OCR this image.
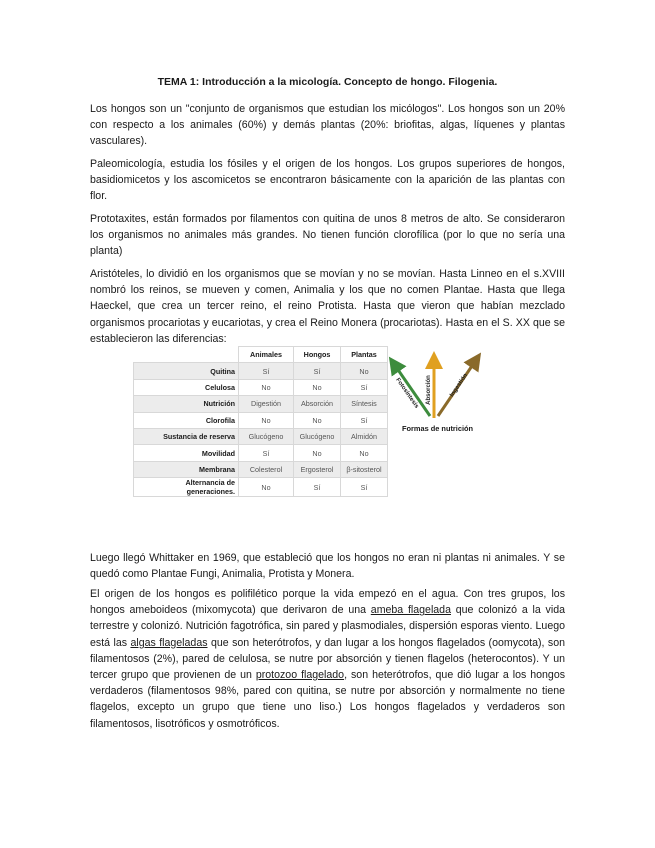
TEMA 1: Introducción a la micología. Concepto de hongo. Filogenia.

Los hongos son un "conjunto de organismos que estudian los micólogos". Los hongos son un 20% con respecto a los animales (60%) y demás plantas (20%: briofitas, algas, líquenes y plantas vasculares).

Paleomicología, estudia los fósiles y el origen de los hongos. Los grupos superiores de hongos, basidiomicetos y los ascomicetos se encontraron básicamente con la aparición de las plantas con flor.

Prototaxites, están formados por filamentos con quitina de unos 8 metros de alto. Se consideraron los organismos no animales más grandes. No tienen función clorofílica (por lo que no sería una planta)

Aristóteles, lo dividió en los organismos que se movían y no se movían. Hasta Linneo en el s.XVIII nombró los reinos, se mueven y comen, Animalia y los que no comen Plantae. Hasta que llega Haeckel, que crea un tercer reino, el reino Protista. Hasta que vieron que habían mezclado organismos procariotas y eucariotas, y crea el Reino Monera (procariotas). Hasta en el S. XX que se establecieron las diferencias:

	Animales	Hongos	Plantas
Quitina	Sí	Sí	No
Celulosa	No	No	Sí
Nutrición	Digestión	Absorción	Síntesis
Clorofila	No	No	Sí
Sustancia de reserva	Glucógeno	Glucógeno	Almidón
Movilidad	Sí	No	No
Membrana	Colesterol	Ergosterol	β-sitosterol
Alternancia de generaciones.	No	Sí	Sí
Fotosíntesis Absorción	Ingestión
Formas de nutrición

Luego llegó Whittaker en 1969, que estableció que los hongos no eran ni plantas ni animales. Y se quedó como Plantae Fungi, Animalia, Protista y Monera.

El origen de los hongos es polifilético porque la vida empezó en el agua. Con tres grupos, los hongos ameboideos (mixomycota) que derivaron de una ameba flagelada que colonizó a la vida terrestre y colonizó. Nutrición fagotrófica, sin pared y plasmodiales, dispersión esporas viento. Luego está las algas flageladas que son heterótrofos, y dan lugar a los hongos flagelados (oomycota), son filamentosos (2%), pared de celulosa, se nutre por absorción y tienen flagelos (heterocontos). Y un tercer grupo que provienen de un protozoo flagelado, son heterótrofos, que dió lugar a los hongos verdaderos (filamentosos 98%, pared con quitina, se nutre por absorción y normalmente no tiene flagelos, excepto un grupo que tiene uno liso.) Los hongos flagelados y verdaderos son filamentosos, lisotróficos y osmotróficos.
